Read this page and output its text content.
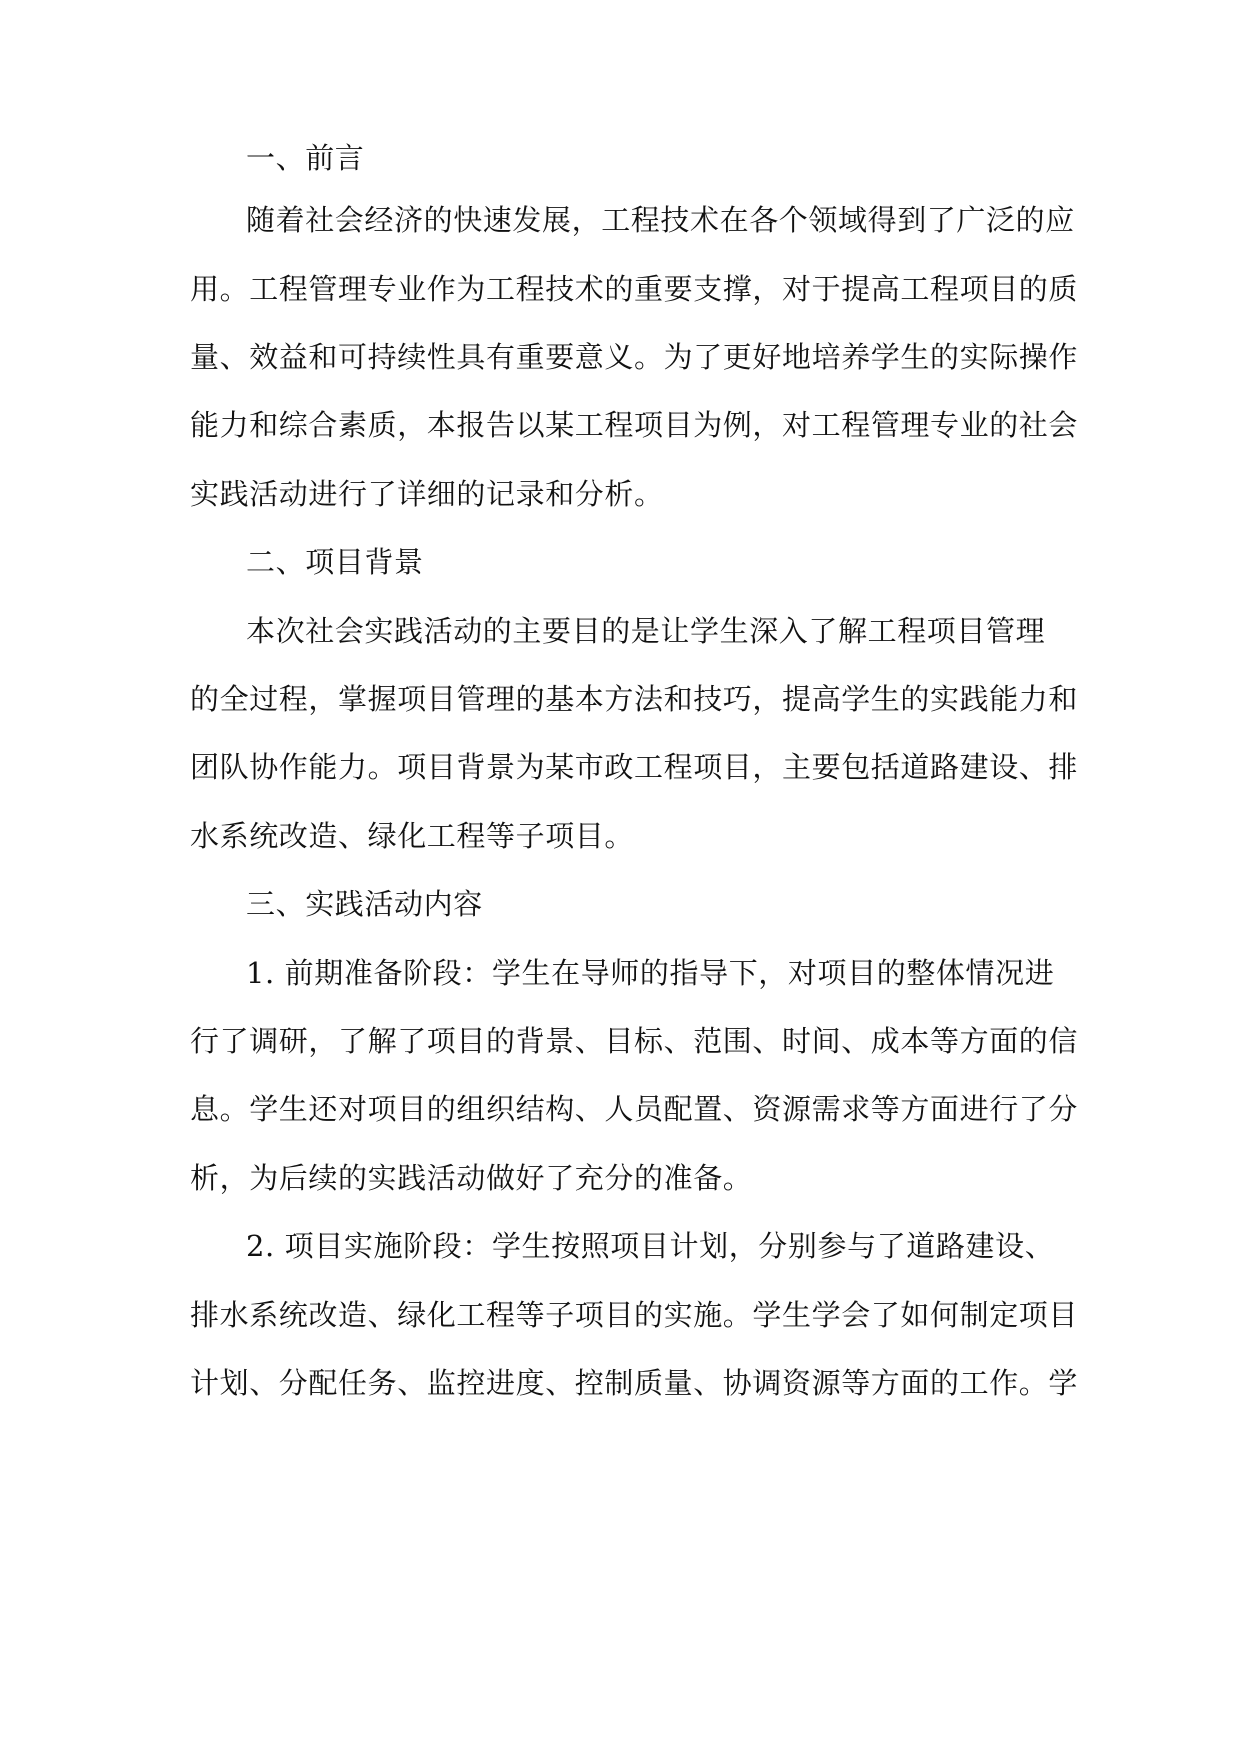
一、前言
随着社会经济的快速发展，工程技术在各个领域得到了广泛的应
用。工程管理专业作为工程技术的重要支撑，对于提高工程项目的质
量、效益和可持续性具有重要意义。为了更好地培养学生的实际操作
能力和综合素质，本报告以某工程项目为例，对工程管理专业的社会
实践活动进行了详细的记录和分析。
二、项目背景
本次社会实践活动的主要目的是让学生深入了解工程项目管理
的全过程，掌握项目管理的基本方法和技巧，提高学生的实践能力和
团队协作能力。项目背景为某市政工程项目，主要包括道路建设、排
水系统改造、绿化工程等子项目。
三、实践活动内容
1. 前期准备阶段：学生在导师的指导下，对项目的整体情况进
行了调研，了解了项目的背景、目标、范围、时间、成本等方面的信
息。学生还对项目的组织结构、人员配置、资源需求等方面进行了分
析，为后续的实践活动做好了充分的准备。
2. 项目实施阶段：学生按照项目计划，分别参与了道路建设、
排水系统改造、绿化工程等子项目的实施。学生学会了如何制定项目
计划、分配任务、监控进度、控制质量、协调资源等方面的工作。学
